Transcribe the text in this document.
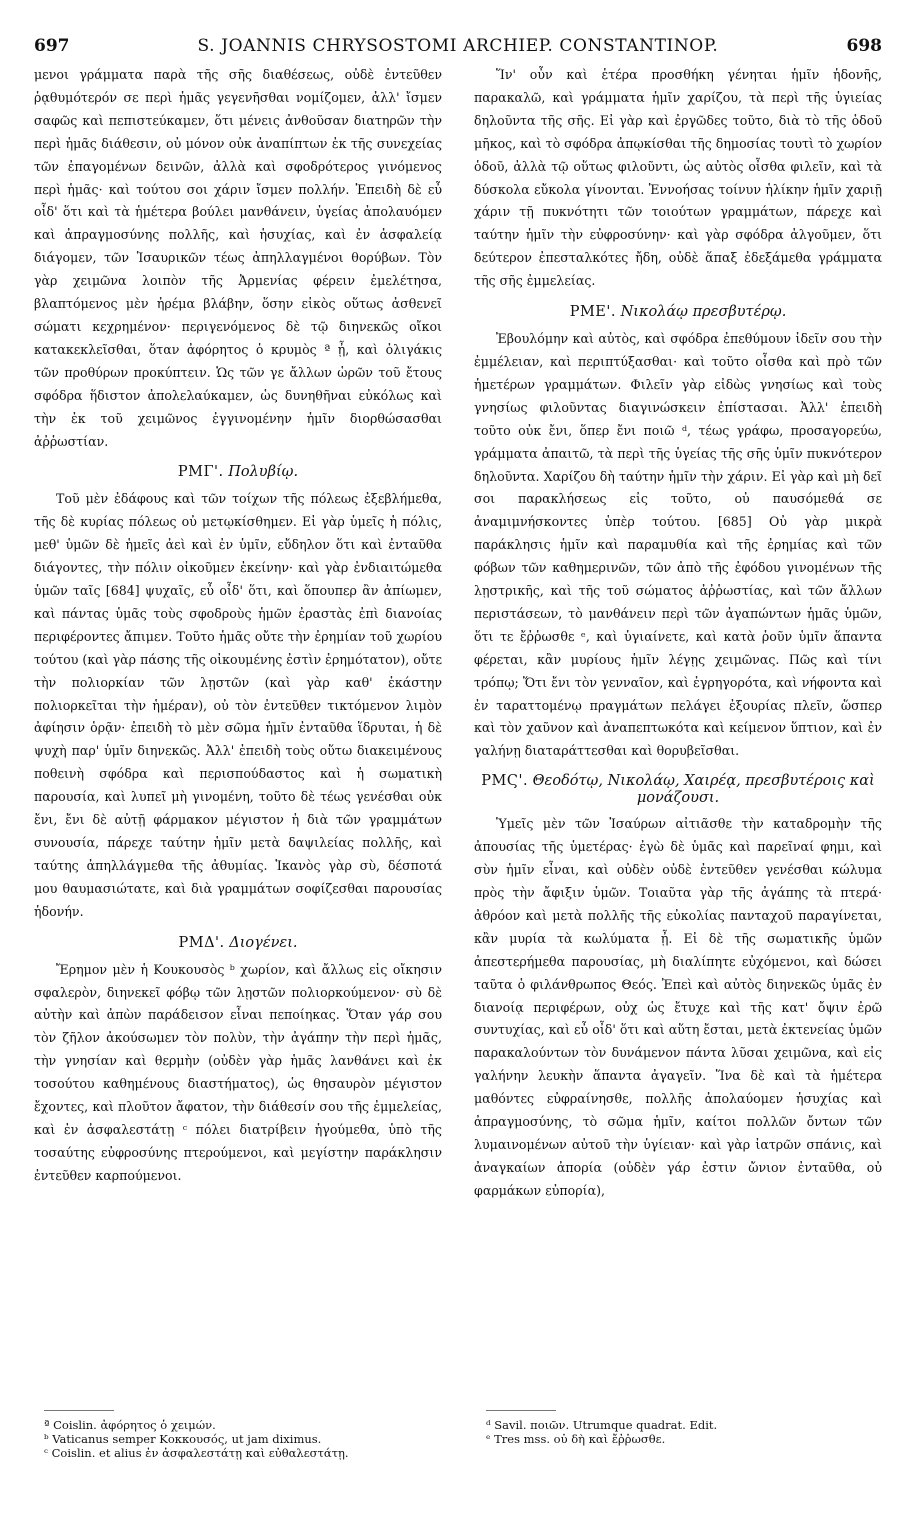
697	S. JOANNIS CHRYSOSTOMI ARCHIEP. CONSTANTINOP.	698

μενοι γράμματα παρὰ τῆς σῆς διαθέσεως, οὐδὲ ἐντεῦθεν ῥᾳθυμότερόν σε περὶ ἡμᾶς γεγενῆσθαι νομίζομεν, ἀλλ' ἴσμεν σαφῶς καὶ πεπιστεύκαμεν, ὅτι μένεις ἀνθοῦσαν διατηρῶν τὴν περὶ ἡμᾶς διάθεσιν, οὐ μόνον οὐκ ἀναπίπτων ἐκ τῆς συνεχείας τῶν ἐπαγομένων δεινῶν, ἀλλὰ καὶ σφοδρότερος γινόμενος περὶ ἡμᾶς· καὶ τούτου σοι χάριν ἴσμεν πολλήν. Ἐπειδὴ δὲ εὖ οἶδ' ὅτι καὶ τὰ ἡμέτερα βούλει μανθάνειν, ὑγείας ἀπολαυόμεν καὶ ἀπραγμοσύνης πολλῆς, καὶ ἡσυχίας, καὶ ἐν ἀσφαλείᾳ διάγομεν, τῶν Ἰσαυρικῶν τέως ἀπηλλαγμένοι θορύβων. Τὸν γὰρ χειμῶνα λοιπὸν τῆς Ἀρμενίας φέρειν ἐμελέτησα, βλαπτόμενος μὲν ἠρέμα βλάβην, ὅσην εἰκὸς οὕτως ἀσθενεῖ σώματι κεχρημένον· περιγενόμενος δὲ τῷ διηνεκῶς οἴκοι κατακεκλεῖσθαι, ὅταν ἀφόρητος ὁ κρυμὸς ª ᾖ, καὶ ὀλιγάκις τῶν προθύρων προκύπτειν. Ὡς τῶν γε ἄλλων ὡρῶν τοῦ ἔτους σφόδρα ἥδιστον ἀπολελαύκαμεν, ὡς δυνηθῆναι εὐκόλως καὶ τὴν ἐκ τοῦ χειμῶνος ἐγγινομένην ἡμῖν διορθώσασθαι ἀῤῥωστίαν.

ΡΜΓ'. Πολυβίῳ.

Τοῦ μὲν ἐδάφους καὶ τῶν τοίχων τῆς πόλεως ἐξεβλήμεθα, τῆς δὲ κυρίας πόλεως οὐ μετῳκίσθημεν. Εἰ γὰρ ὑμεῖς ἡ πόλις, μεθ' ὑμῶν δὲ ἡμεῖς ἀεὶ καὶ ἐν ὑμῖν, εὔδηλον ὅτι καὶ ἐνταῦθα διάγοντες, τὴν πόλιν οἰκοῦμεν ἐκείνην· καὶ γὰρ ἐνδιαιτώμεθα ὑμῶν ταῖς [684] ψυχαῖς, εὖ οἶδ' ὅτι, καὶ ὅπουπερ ἂν ἀπίωμεν, καὶ πάντας ὑμᾶς τοὺς σφοδροὺς ἡμῶν ἐραστὰς ἐπὶ διανοίας περιφέροντες ἄπιμεν. Τοῦτο ἡμᾶς οὔτε τὴν ἐρημίαν τοῦ χωρίου τούτου (καὶ γὰρ πάσης τῆς οἰκουμένης ἐστὶν ἐρημότατον), οὔτε τὴν πολιορκίαν τῶν λῃστῶν (καὶ γὰρ καθ' ἑκάστην πολιορκεῖται τὴν ἡμέραν), οὐ τὸν ἐντεῦθεν τικτόμενον λιμὸν ἀφίησιν ὁρᾷν· ἐπειδὴ τὸ μὲν σῶμα ἡμῖν ἐνταῦθα ἵδρυται, ἡ δὲ ψυχὴ παρ' ὑμῖν διηνεκῶς. Ἀλλ' ἐπειδὴ τοὺς οὕτω διακειμένους ποθεινὴ σφόδρα καὶ περισπούδαστος καὶ ἡ σωματικὴ παρουσία, καὶ λυπεῖ μὴ γινομένη, τοῦτο δὲ τέως γενέσθαι οὐκ ἔνι, ἔνι δὲ αὐτῇ φάρμακον μέγιστον ἡ διὰ τῶν γραμμάτων συνουσία, πάρεχε ταύτην ἡμῖν μετὰ δαψιλείας πολλῆς, καὶ ταύτης ἀπηλλάγμεθα τῆς ἀθυμίας. Ἱκανὸς γὰρ σὺ, δέσποτά μου θαυμασιώτατε, καὶ διὰ γραμμάτων σοφίζεσθαι παρουσίας ἡδονήν.

ΡΜΔ'. Διογένει.

Ἔρημον μὲν ἡ Κουκουσὸς ᵇ χωρίον, καὶ ἄλλως εἰς οἴκησιν σφαλερὸν, διηνεκεῖ φόβῳ τῶν λῃστῶν πολιορκούμενον· σὺ δὲ αὐτὴν καὶ ἀπὼν παράδεισον εἶναι πεποίηκας. Ὅταν γάρ σου τὸν ζῆλον ἀκούσωμεν τὸν πολὺν, τὴν ἀγάπην τὴν περὶ ἡμᾶς, τὴν γνησίαν καὶ θερμὴν (οὐδὲν γὰρ ἡμᾶς λανθάνει καὶ ἐκ τοσούτου καθημένους διαστήματος), ὡς θησαυρὸν μέγιστον ἔχοντες, καὶ πλοῦτον ἄφατον, τὴν διάθεσίν σου τῆς ἐμμελείας, καὶ ἐν ἀσφαλεστάτῃ ᶜ πόλει διατρίβειν ἡγούμεθα, ὑπὸ τῆς τοσαύτης εὐφροσύνης πτερούμενοι, καὶ μεγίστην παράκλησιν ἐντεῦθεν καρπούμενοι.

Ἵν' οὖν καὶ ἑτέρα προσθήκη γένηται ἡμῖν ἡδονῆς, παρακαλῶ, καὶ γράμματα ἡμῖν χαρίζου, τὰ περὶ τῆς ὑγιείας δηλοῦντα τῆς σῆς. Εἰ γὰρ καὶ ἐργῶδες τοῦτο, διὰ τὸ τῆς ὁδοῦ μῆκος, καὶ τὸ σφόδρα ἀπῳκίσθαι τῆς δημοσίας τουτὶ τὸ χωρίον ὁδοῦ, ἀλλὰ τῷ οὕτως φιλοῦντι, ὡς αὐτὸς οἶσθα φιλεῖν, καὶ τὰ δύσκολα εὔκολα γίνονται. Ἐννοήσας τοίνυν ἡλίκην ἡμῖν χαριῇ χάριν τῇ πυκνότητι τῶν τοιούτων γραμμάτων, πάρεχε καὶ ταύτην ἡμῖν τὴν εὐφροσύνην· καὶ γὰρ σφόδρα ἀλγοῦμεν, ὅτι δεύτερον ἐπεσταλκότες ἤδη, οὐδὲ ἅπαξ ἐδεξάμεθα γράμματα τῆς σῆς ἐμμελείας.

ΡΜΕ'. Νικολάῳ πρεσβυτέρῳ.

Ἐβουλόμην καὶ αὐτὸς, καὶ σφόδρα ἐπεθύμουν ἰδεῖν σου τὴν ἐμμέλειαν, καὶ περιπτύξασθαι· καὶ τοῦτο οἶσθα καὶ πρὸ τῶν ἡμετέρων γραμμάτων. Φιλεῖν γὰρ εἰδὼς γνησίως καὶ τοὺς γνησίως φιλοῦντας διαγινώσκειν ἐπίστασαι. Ἀλλ' ἐπειδὴ τοῦτο οὐκ ἔνι, ὅπερ ἔνι ποιῶ ᵈ, τέως γράφω, προσαγορεύω, γράμματα ἀπαιτῶ, τὰ περὶ τῆς ὑγείας τῆς σῆς ὑμῖν πυκνότερον δηλοῦντα. Χαρίζου δὴ ταύτην ἡμῖν τὴν χάριν. Εἰ γὰρ καὶ μὴ δεῖ σοι παρακλήσεως εἰς τοῦτο, οὐ παυσόμεθά σε ἀναμιμνήσκοντες ὑπὲρ τούτου. [685] Οὐ γὰρ μικρὰ παράκλησις ἡμῖν καὶ παραμυθία καὶ τῆς ἐρημίας καὶ τῶν φόβων τῶν καθημερινῶν, τῶν ἀπὸ τῆς ἐφόδου γινομένων τῆς λῃστρικῆς, καὶ τῆς τοῦ σώματος ἀῤῥωστίας, καὶ τῶν ἄλλων περιστάσεων, τὸ μανθάνειν περὶ τῶν ἀγαπώντων ἡμᾶς ὑμῶν, ὅτι τε ἔῤῥωσθε ᵉ, καὶ ὑγιαίνετε, καὶ κατὰ ῥοῦν ὑμῖν ἅπαντα φέρεται, κἂν μυρίους ἡμῖν λέγῃς χειμῶνας. Πῶς καὶ τίνι τρόπῳ; Ὅτι ἔνι τὸν γενναῖον, καὶ ἐγρηγορότα, καὶ νήφοντα καὶ ἐν ταραττομένῳ πραγμάτων πελάγει ἐξουρίας πλεῖν, ὥσπερ καὶ τὸν χαῦνον καὶ ἀναπεπτωκότα καὶ κείμενον ὕπτιον, καὶ ἐν γαλήνῃ διαταράττεσθαι καὶ θορυβεῖσθαι.

ΡΜϚ'. Θεοδότῳ, Νικολάῳ, Χαιρέᾳ, πρεσβυτέροις καὶ μονάζουσι.

Ὑμεῖς μὲν τῶν Ἰσαύρων αἰτιᾶσθε τὴν καταδρομὴν τῆς ἀπουσίας τῆς ὑμετέρας· ἐγὼ δὲ ὑμᾶς καὶ παρεῖναί φημι, καὶ σὺν ἡμῖν εἶναι, καὶ οὐδὲν οὐδὲ ἐντεῦθεν γενέσθαι κώλυμα πρὸς τὴν ἄφιξιν ὑμῶν. Τοιαῦτα γὰρ τῆς ἀγάπης τὰ πτερά· ἀθρόον καὶ μετὰ πολλῆς τῆς εὐκολίας πανταχοῦ παραγίνεται, κἂν μυρία τὰ κωλύματα ᾖ. Εἰ δὲ τῆς σωματικῆς ὑμῶν ἀπεστερήμεθα παρουσίας, μὴ διαλίπητε εὐχόμενοι, καὶ δώσει ταῦτα ὁ φιλάνθρωπος Θεός. Ἐπεὶ καὶ αὐτὸς διηνεκῶς ὑμᾶς ἐν διανοίᾳ περιφέρων, οὐχ ὡς ἔτυχε καὶ τῆς κατ' ὄψιν ἐρῶ συντυχίας, καὶ εὖ οἶδ' ὅτι καὶ αὕτη ἔσται, μετὰ ἐκτενείας ὑμῶν παρακαλούντων τὸν δυνάμενον πάντα λῦσαι χειμῶνα, καὶ εἰς γαλήνην λευκὴν ἅπαντα ἀγαγεῖν. Ἵνα δὲ καὶ τὰ ἡμέτερα μαθόντες εὐφραίνησθε, πολλῆς ἀπολαύομεν ἡσυχίας καὶ ἀπραγμοσύνης, τὸ σῶμα ἡμῖν, καίτοι πολλῶν ὄντων τῶν λυμαινομένων αὐτοῦ τὴν ὑγίειαν· καὶ γὰρ ἰατρῶν σπάνις, καὶ ἀναγκαίων ἀπορία (οὐδὲν γάρ ἐστιν ὤνιον ἐνταῦθα, οὐ φαρμάκων εὐπορία),

ª Coislin. ἀφόρητος ὁ χειμών.
ᵇ Vaticanus semper Κοκκουσός, ut jam diximus.
ᶜ Coislin. et alius ἐν ἀσφαλεστάτῃ καὶ εὐθαλεστάτῃ.
ᵈ Savil. ποιῶν. Utrumque quadrat. Edit.
ᵉ Tres mss. οὐ δὴ καὶ ἔῤῥωσθε.
